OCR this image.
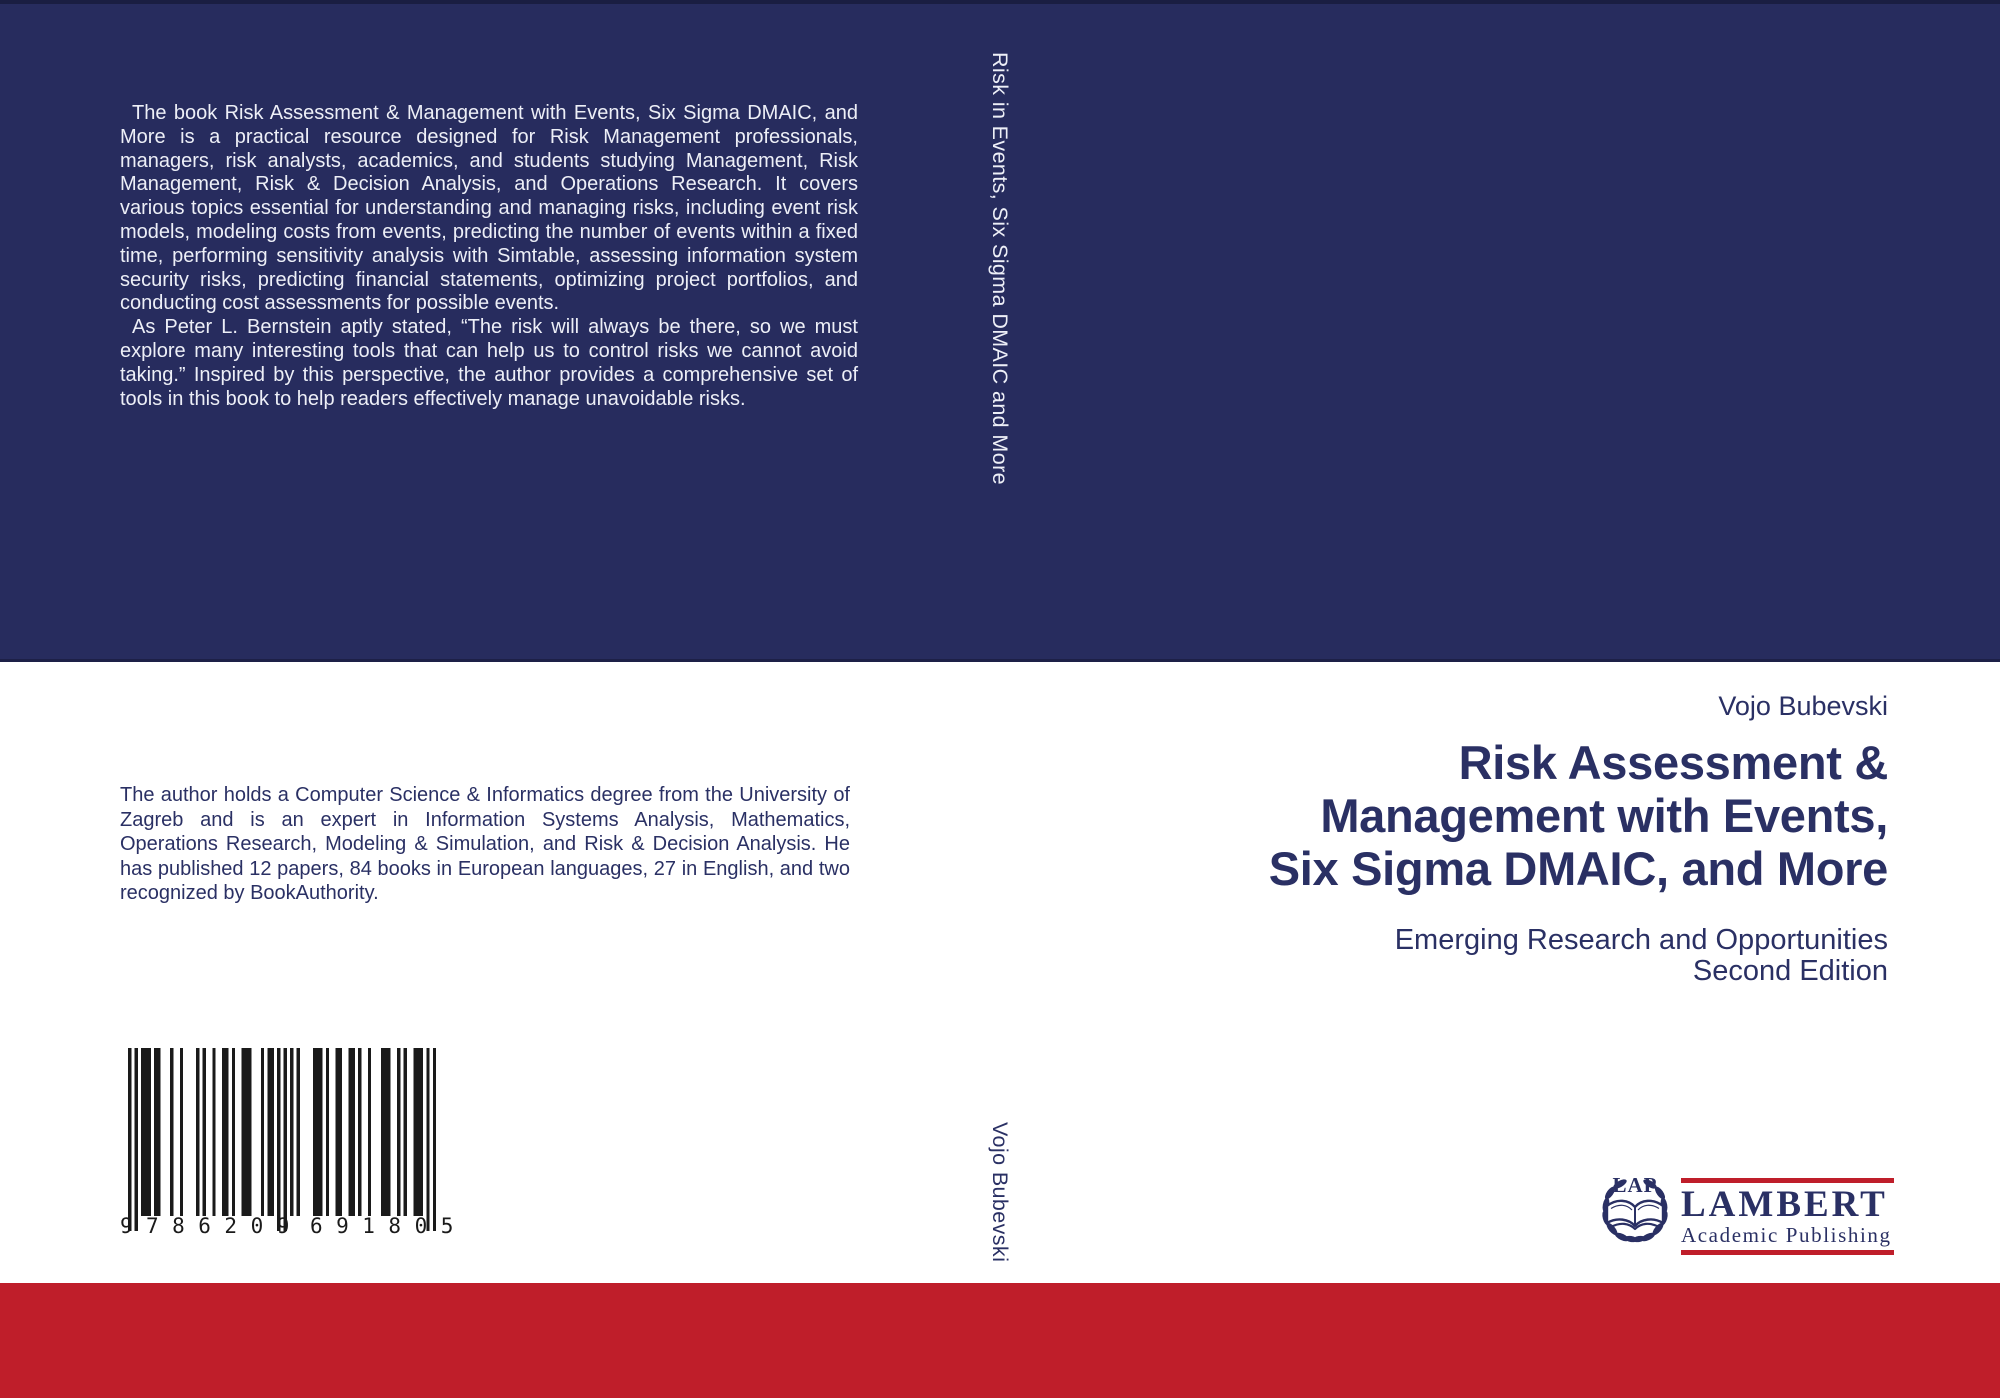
The book Risk Assessment & Management with Events, Six Sigma DMAIC, and More is a practical resource designed for Risk Management professionals, managers, risk analysts, academics, and students studying Management, Risk Management, Risk & Decision Analysis, and Operations Research. It covers various topics essential for understanding and managing risks, including event risk models, modeling costs from events, predicting the number of events within a fixed time, performing sensitivity analysis with Simtable, assessing information system security risks, predicting financial statements, optimizing project portfolios, and conducting cost assessments for possible events.

As Peter L. Bernstein aptly stated, “The risk will always be there, so we must explore many interesting tools that can help us to control risks we cannot avoid taking.” Inspired by this perspective, the author provides a comprehensive set of tools in this book to help readers effectively manage unavoidable risks.	Risk in Events, Six Sigma DMAIC and More
Vojo Bubevski
Risk Assessment &
Management with Events,
Six Sigma DMAIC, and More
Emerging Research and Opportunities
Second Edition

The author holds a Computer Science & Informatics degree from the University of Zagreb and is an expert in Information Systems Analysis, Mathematics, Operations Research, Modeling & Simulation, and Risk & Decision Analysis. He has published 12 papers, 84 books in European languages, 27 in English, and two recognized by BookAuthority.

Vojo Bubevski
9 786209 691805
LAP LAMBERT
Academic Publishing
